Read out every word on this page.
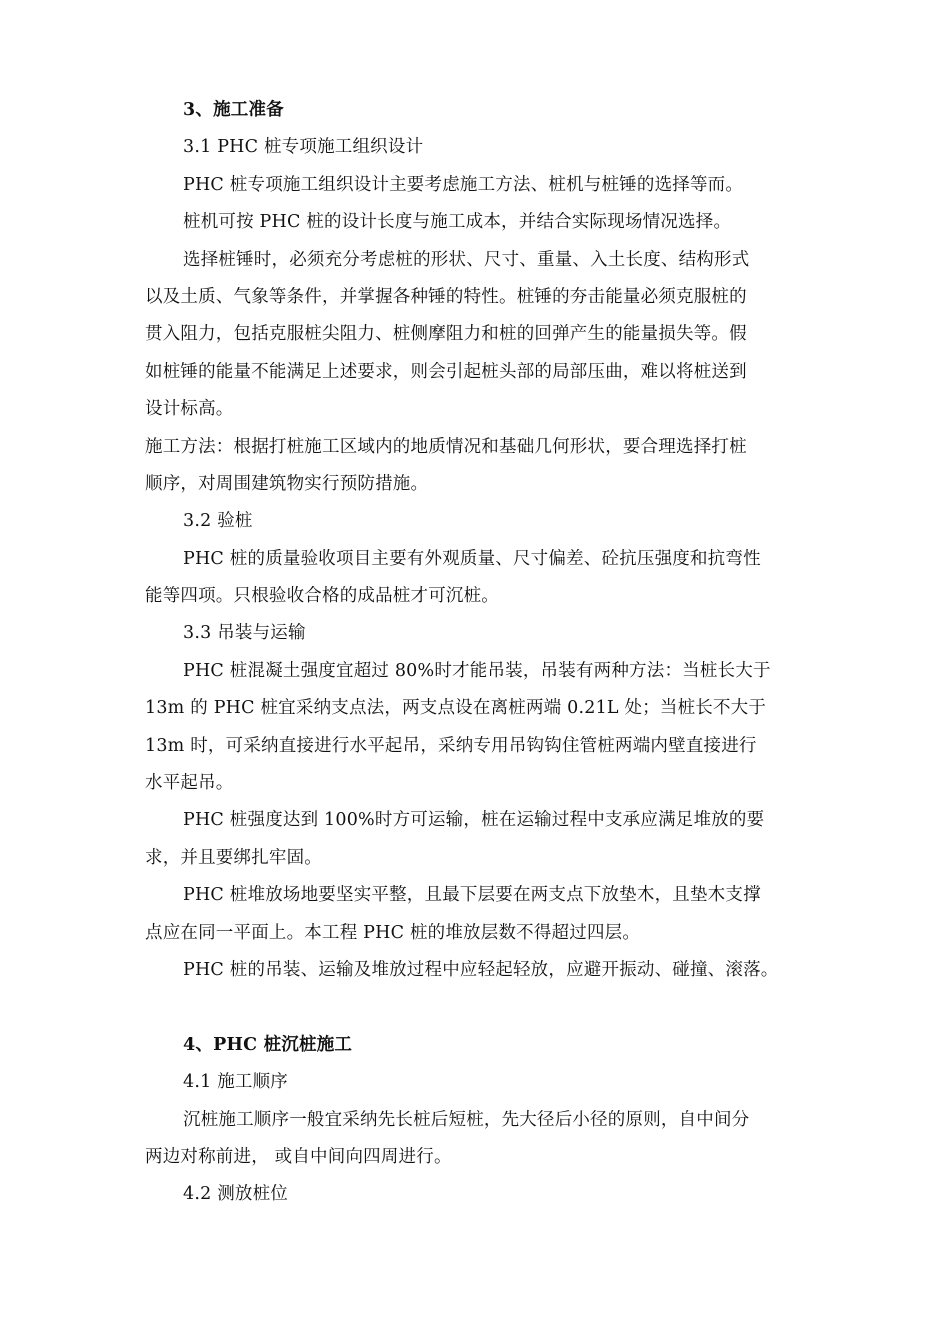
3、施工准备
3.1 PHC 桩专项施工组织设计
PHC 桩专项施工组织设计主要考虑施工方法、桩机与桩锤的选择等而。
桩机可按 PHC 桩的设计长度与施工成本，并结合实际现场情况选择。
选择桩锤时，必须充分考虑桩的形状、尺寸、重量、入土长度、结构形式
以及土质、气象等条件，并掌握各种锤的特性。桩锤的夯击能量必须克服桩的
贯入阻力，包括克服桩尖阻力、桩侧摩阻力和桩的回弹产生的能量损失等。假
如桩锤的能量不能满足上述要求，则会引起桩头部的局部压曲，难以将桩送到
设计标高。
施工方法：根据打桩施工区域内的地质情况和基础几何形状，要合理选择打桩
顺序，对周围建筑物实行预防措施。
3.2 验桩
PHC 桩的质量验收项目主要有外观质量、尺寸偏差、砼抗压强度和抗弯性
能等四项。只根验收合格的成品桩才可沉桩。
3.3 吊装与运输
PHC 桩混凝土强度宜超过 80%时才能吊装，吊装有两种方法：当桩长大于
13m 的 PHC 桩宜采纳支点法，两支点设在离桩两端 0.21L 处；当桩长不大于
13m 时，可采纳直接进行水平起吊，采纳专用吊钩钩住管桩两端内壁直接进行
水平起吊。
PHC 桩强度达到 100%时方可运输，桩在运输过程中支承应满足堆放的要
求，并且要绑扎牢固。
PHC 桩堆放场地要坚实平整，且最下层要在两支点下放垫木，且垫木支撑
点应在同一平面上。本工程 PHC 桩的堆放层数不得超过四层。
PHC 桩的吊装、运输及堆放过程中应轻起轻放，应避开振动、碰撞、滚落。
4、PHC 桩沉桩施工
4.1 施工顺序
沉桩施工顺序一般宜采纳先长桩后短桩，先大径后小径的原则，自中间分
两边对称前进， 或自中间向四周进行。
4.2 测放桩位
